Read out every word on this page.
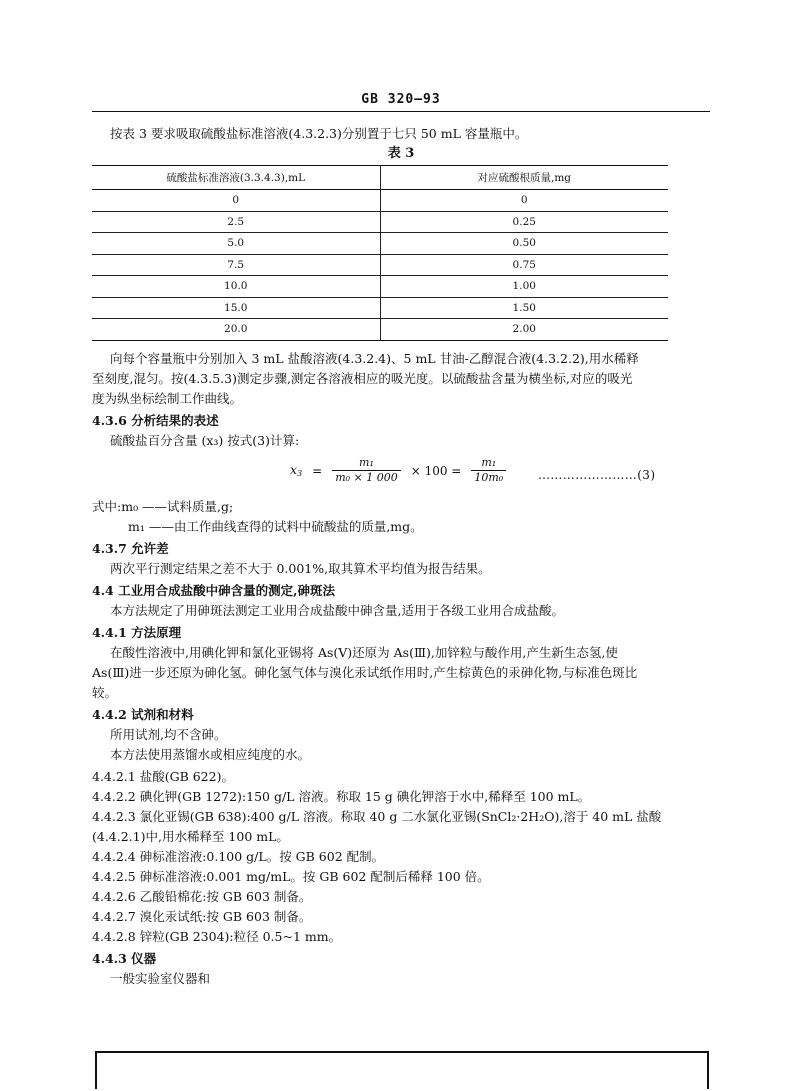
GB 320—93
按表 3 要求吸取硫酸盐标准溶液(4.3.2.3)分别置于七只 50 mL 容量瓶中。
表 3
硫酸盐标准溶液(3.3.4.3),mL	对应硫酸根质量,mg
0	0
2.5	0.25
5.0	0.50
7.5	0.75
10.0	1.00
15.0	1.50
20.0	2.00
向每个容量瓶中分别加入 3 mL 盐酸溶液(4.3.2.4)、5 mL 甘油-乙醇混合液(4.3.2.2),用水稀释
至刻度,混匀。按(4.3.5.3)测定步骤,测定各溶液相应的吸光度。以硫酸盐含量为横坐标,对应的吸光
度为纵坐标绘制工作曲线。
4.3.6 分析结果的表述
硫酸盐百分含量 (x₃) 按式(3)计算:
$x_3 = \frac{\text{m₁}}{\text{m₀ × 1 000}} \times 100 = \frac{\text{m₁}}{\text{10m₀}}$	……………………(3)
式中:m₀ ——试料质量,g;
m₁ ——由工作曲线查得的试料中硫酸盐的质量,mg。
4.3.7 允许差
两次平行测定结果之差不大于 0.001%,取其算术平均值为报告结果。
4.4 工业用合成盐酸中砷含量的测定,砷斑法
本方法规定了用砷斑法测定工业用合成盐酸中砷含量,适用于各级工业用合成盐酸。
4.4.1 方法原理
在酸性溶液中,用碘化钾和氯化亚锡将 As(Ⅴ)还原为 As(Ⅲ),加锌粒与酸作用,产生新生态氢,使
As(Ⅲ)进一步还原为砷化氢。砷化氢气体与溴化汞试纸作用时,产生棕黄色的汞砷化物,与标准色斑比
较。
4.4.2 试剂和材料
所用试剂,均不含砷。
本方法使用蒸馏水或相应纯度的水。
4.4.2.1 盐酸(GB 622)。
4.4.2.2 碘化钾(GB 1272):150 g/L 溶液。称取 15 g 碘化钾溶于水中,稀释至 100 mL。
4.4.2.3 氯化亚锡(GB 638):400 g/L 溶液。称取 40 g 二水氯化亚锡(SnCl₂·2H₂O),溶于 40 mL 盐酸
(4.4.2.1)中,用水稀释至 100 mL。
4.4.2.4 砷标准溶液:0.100 g/L。按 GB 602 配制。
4.4.2.5 砷标准溶液:0.001 mg/mL。按 GB 602 配制后稀释 100 倍。
4.4.2.6 乙酸铅棉花:按 GB 603 制备。
4.4.2.7 溴化汞试纸:按 GB 603 制备。
4.4.2.8 锌粒(GB 2304):粒径 0.5~1 mm。
4.4.3 仪器
一般实验室仪器和
